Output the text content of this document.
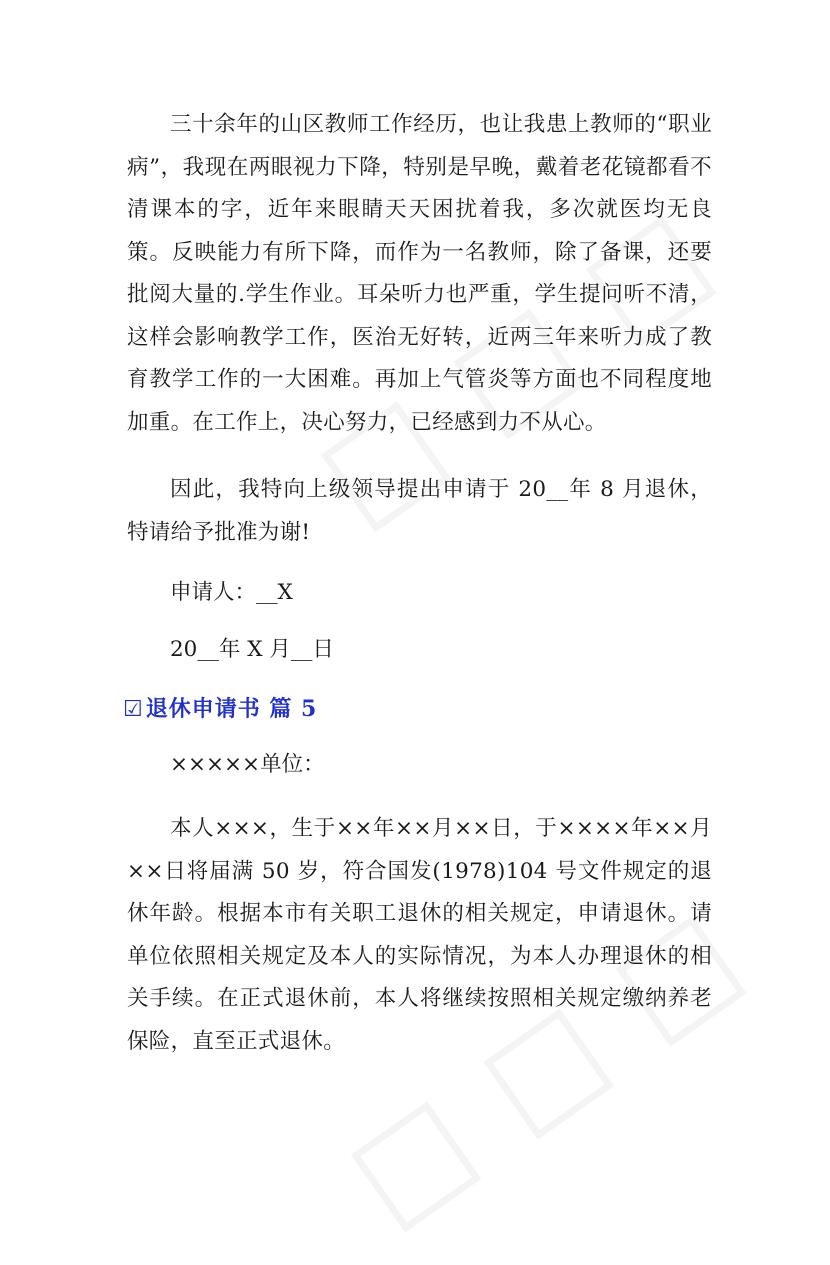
三十余年的山区教师工作经历，也让我患上教师的“职业病”，我现在两眼视力下降，特别是早晚，戴着老花镜都看不清课本的字，近年来眼睛天天困扰着我，多次就医均无良策。反映能力有所下降，而作为一名教师，除了备课，还要批阅大量的.学生作业。耳朵听力也严重，学生提问听不清，这样会影响教学工作，医治无好转，近两三年来听力成了教育教学工作的一大困难。再加上气管炎等方面也不同程度地加重。在工作上，决心努力，已经感到力不从心。

因此，我特向上级领导提出申请于 20__年 8 月退休，特请给予批准为谢!

申请人：__X

20__年 X 月__日

☑退休申请书 篇 5

×××××单位：

本人×××，生于××年××月××日，于××××年××月××日将届满 50 岁，符合国发(1978)104 号文件规定的退休年龄。根据本市有关职工退休的相关规定，申请退休。请单位依照相关规定及本人的实际情况，为本人办理退休的相关手续。在正式退休前，本人将继续按照相关规定缴纳养老保险，直至正式退休。
